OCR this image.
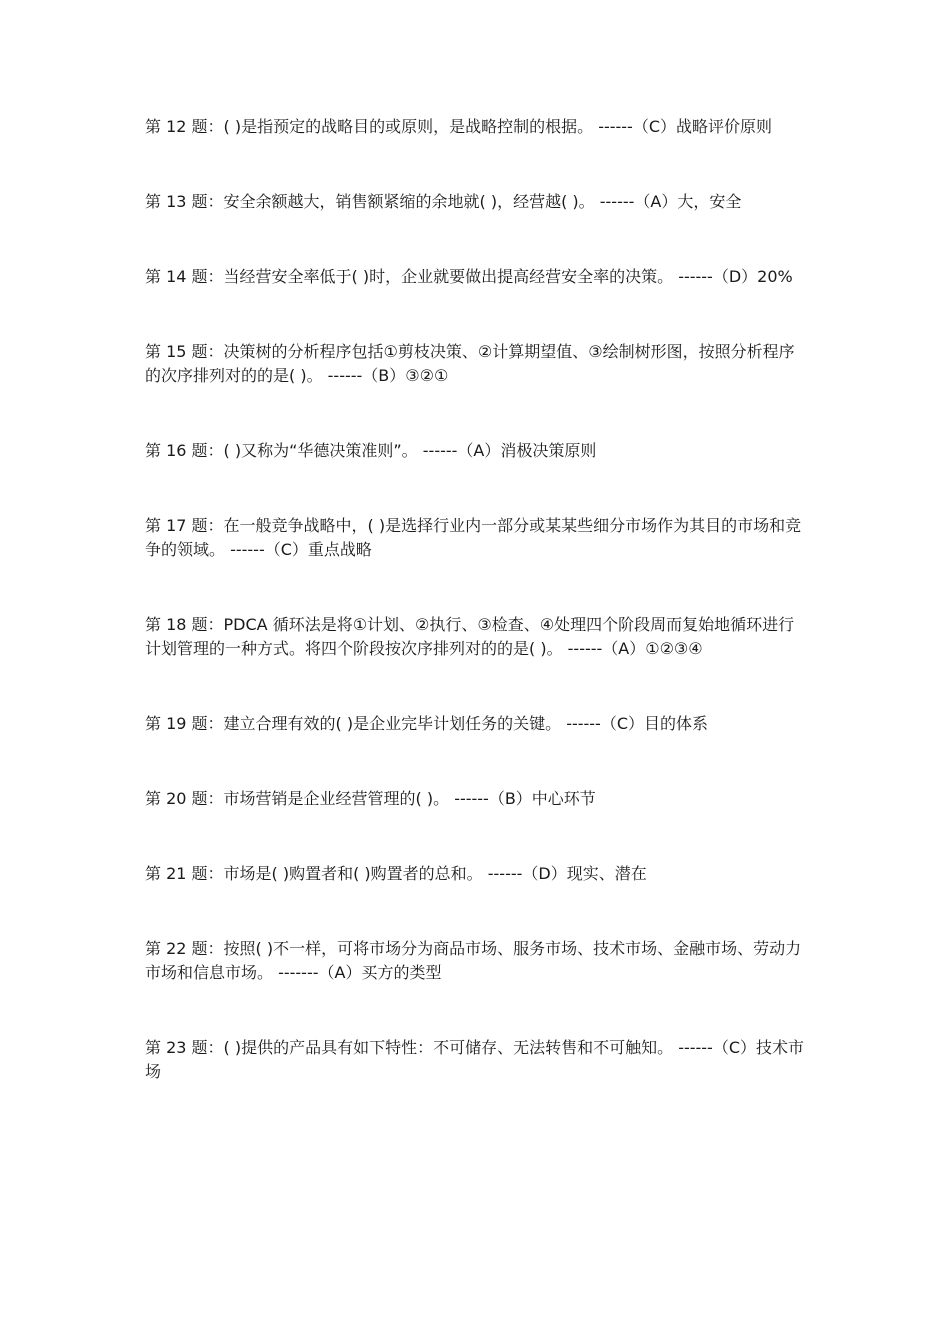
第 12 题：( )是指预定的战略目的或原则，是战略控制的根据。 ------（C）战略评价原则
第 13 题：安全余额越大，销售额紧缩的余地就( )，经营越( )。 ------（A）大，安全
第 14 题：当经营安全率低于( )时，企业就要做出提高经营安全率的决策。 ------（D）20%
第 15 题：决策树的分析程序包括①剪枝决策、②计算期望值、③绘制树形图，按照分析程序的次序排列对的的是( )。 ------（B）③②①
第 16 题：( )又称为“华德决策准则”。 ------（A）消极决策原则
第 17 题：在一般竞争战略中，( )是选择行业内一部分或某某些细分市场作为其目的市场和竞争的领域。 ------（C）重点战略
第 18 题：PDCA 循环法是将①计划、②执行、③检查、④处理四个阶段周而复始地循环进行计划管理的一种方式。将四个阶段按次序排列对的的是( )。 ------（A）①②③④
第 19 题：建立合理有效的( )是企业完毕计划任务的关键。 ------（C）目的体系
第 20 题：市场营销是企业经营管理的( )。 ------（B）中心环节
第 21 题：市场是( )购置者和( )购置者的总和。 ------（D）现实、潜在
第 22 题：按照( )不一样，可将市场分为商品市场、服务市场、技术市场、金融市场、劳动力市场和信息市场。 -------（A）买方的类型
第 23 题：( )提供的产品具有如下特性：不可储存、无法转售和不可触知。 ------（C）技术市场
